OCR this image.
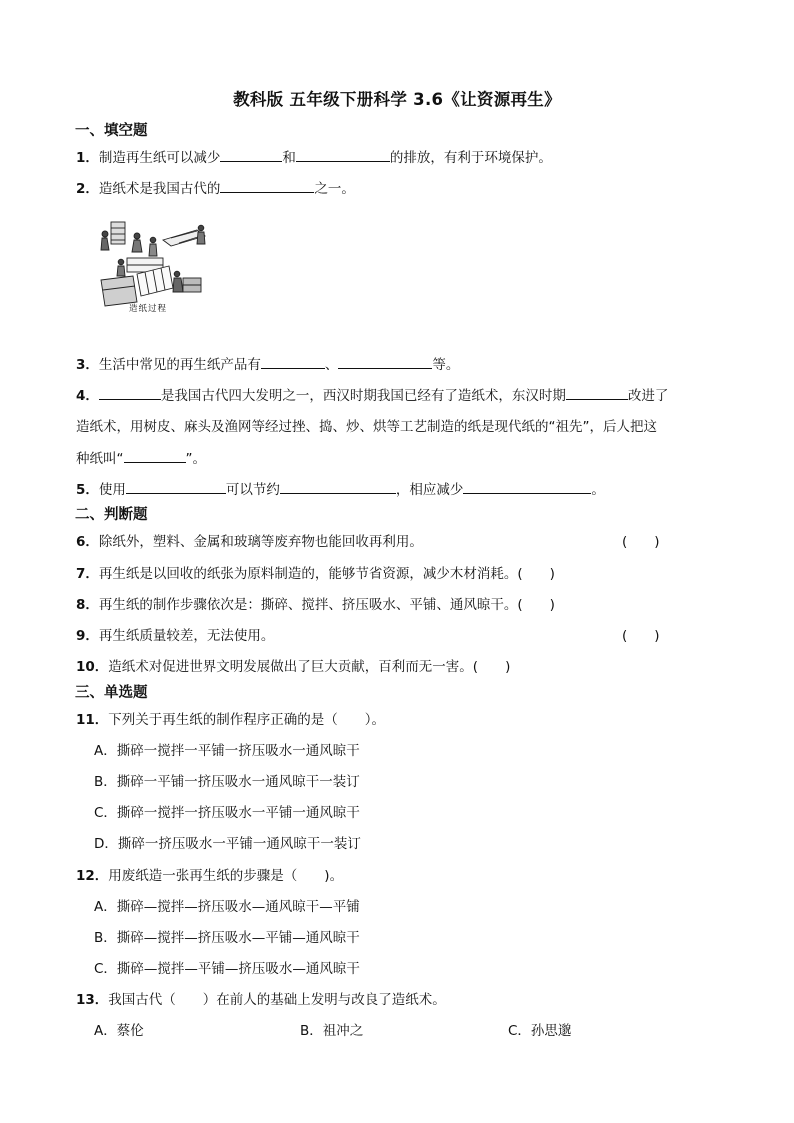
教科版 五年级下册科学 3.6《让资源再生》
一、填空题
1．制造再生纸可以减少	和	的排放，有利于环境保护。
2．造纸术是我国古代的	之一。
造纸过程
3．生活中常见的再生纸产品有	、	等。
4．	是我国古代四大发明之一，西汉时期我国已经有了造纸术，东汉时期	改进了
造纸术，用树皮、麻头及渔网等经过挫、捣、炒、烘等工艺制造的纸是现代纸的“祖先”，后人把这
种纸叫“	”。
5．使用	可以节约	，相应减少	。
二、判断题
6．除纸外，塑料、金属和玻璃等废弃物也能回收再利用。	(　　)
7．再生纸是以回收的纸张为原料制造的，能够节省资源，减少木材消耗。(　　)
8．再生纸的制作步骤依次是：撕碎、搅拌、挤压吸水、平铺、通风晾干。(　　)
9．再生纸质量较差，无法使用。	(　　)
10．造纸术对促进世界文明发展做出了巨大贡献，百利而无一害。(　　)
三、单选题
11．下列关于再生纸的制作程序正确的是（　　）。
A．撕碎一搅拌一平铺一挤压吸水一通风晾干
B．撕碎一平铺一挤压吸水一通风晾干一装订
C．撕碎一搅拌一挤压吸水一平铺一通风晾干
D．撕碎一挤压吸水一平铺一通风晾干一装订
12．用废纸造一张再生纸的步骤是（　　)。
A．撕碎—搅拌—挤压吸水—通风晾干—平铺
B．撕碎—搅拌—挤压吸水—平铺—通风晾干
C．撕碎—搅拌—平铺—挤压吸水—通风晾干
13．我国古代（　　）在前人的基础上发明与改良了造纸术。
A．蔡伦	B．祖冲之	C．孙思邈
